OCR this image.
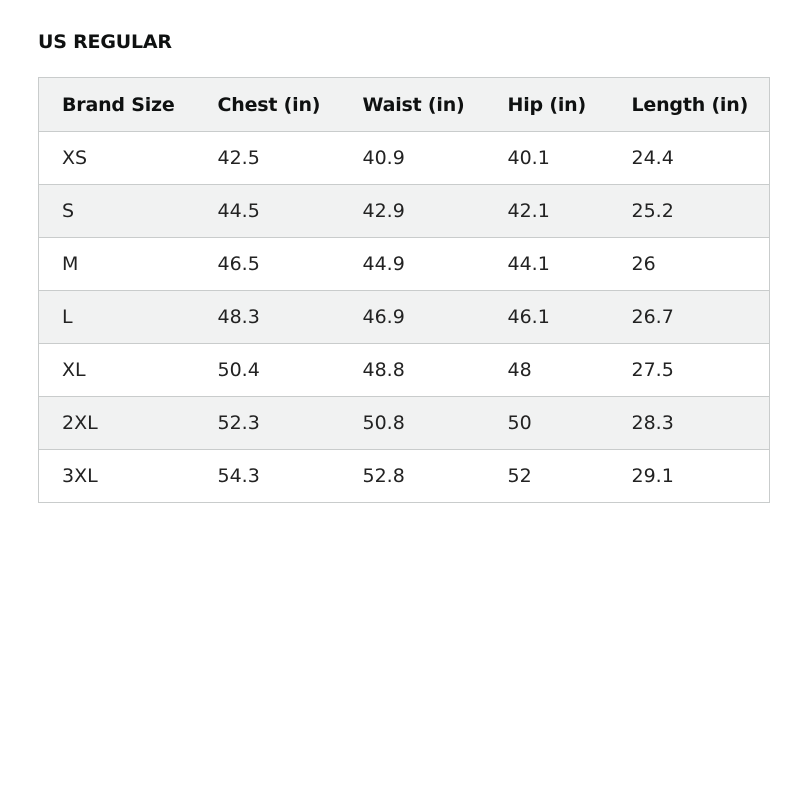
US REGULAR
Brand Size	Chest (in)	Waist (in)	Hip (in)	Length (in)
XS	42.5	40.9	40.1	24.4
S	44.5	42.9	42.1	25.2
M	46.5	44.9	44.1	26
L	48.3	46.9	46.1	26.7
XL	50.4	48.8	48	27.5
2XL	52.3	50.8	50	28.3
3XL	54.3	52.8	52	29.1
